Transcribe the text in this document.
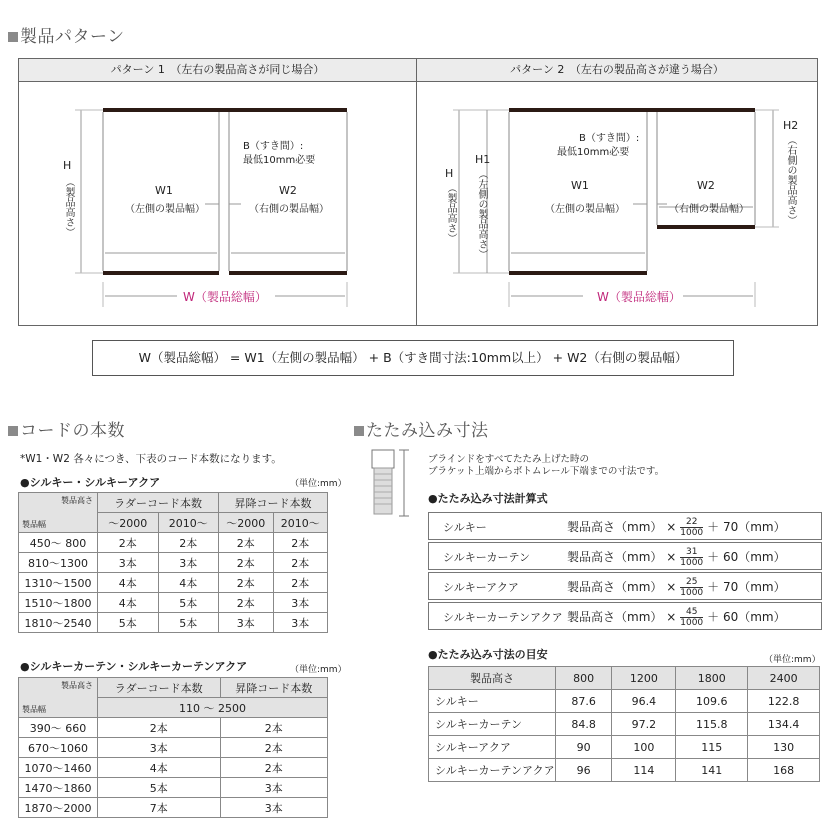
製品パターン
パターン 1　（左右の製品高さが同じ場合）	パターン 2　（左右の製品高さが違う場合）
H
（製品高さ）
B（すき間）:
最低10mm必要
W1
（左側の製品幅）
W2
（右側の製品幅）
W（製品総幅）
H
（製品高さ）
H1
（左側の製品高さ）
H2
（右側の製品高さ）
B（すき間）:
最低10mm必要
W1
（左側の製品幅）
W2
（右側の製品幅）
W（製品総幅）
W（製品総幅） = W1（左側の製品幅） + B（すき間寸法:10mm以上） + W2（右側の製品幅）
コードの本数
*W1・W2 各々につき、下表のコード本数になります。
●シルキー・シルキーアクア	（単位:mm）
製品高さ
製品幅	ラダーコード本数		昇降コード本数	
	〜2000	2010〜	〜2000	2010〜
450〜 800	2本	2本	2本	2本
810〜1300	3本	3本	2本	2本
1310〜1500	4本	4本	2本	2本
1510〜1800	4本	5本	2本	3本
1810〜2540	5本	5本	3本	3本
●シルキーカーテン・シルキーカーテンアクア	（単位:mm）
製品高さ
製品幅	ラダーコード本数	昇降コード本数
	110 〜 2500	
390〜 660	2本	2本
670〜1060	3本	2本
1070〜1460	4本	2本
1470〜1860	5本	3本
1870〜2000	7本	3本
たたみ込み寸法
ブラインドをすべてたたみ上げた時の
ブラケット上端からボトムレール下端までの寸法です。
●たたみ込み寸法計算式
シルキー	製品高さ$(mm) \times \frac{22}{1000} + 70(mm)$
シルキーカーテン	製品高さ$(mm) \times \frac{31}{1000} + 60(mm)$
シルキーアクア	製品高さ$(mm) \times \frac{25}{1000} + 70(mm)$
シルキーカーテンアクア 製品高さ$(mm) \times \frac{45}{1000} + 60(mm)$
●たたみ込み寸法の目安	（単位:mm）
製品高さ	800	1200	1800	2400
シルキー	87.6	96.4	109.6	122.8
シルキーカーテン	84.8	97.2	115.8	134.4
シルキーアクア	90	100	115	130
シルキーカーテンアクア	96	114	141	168
